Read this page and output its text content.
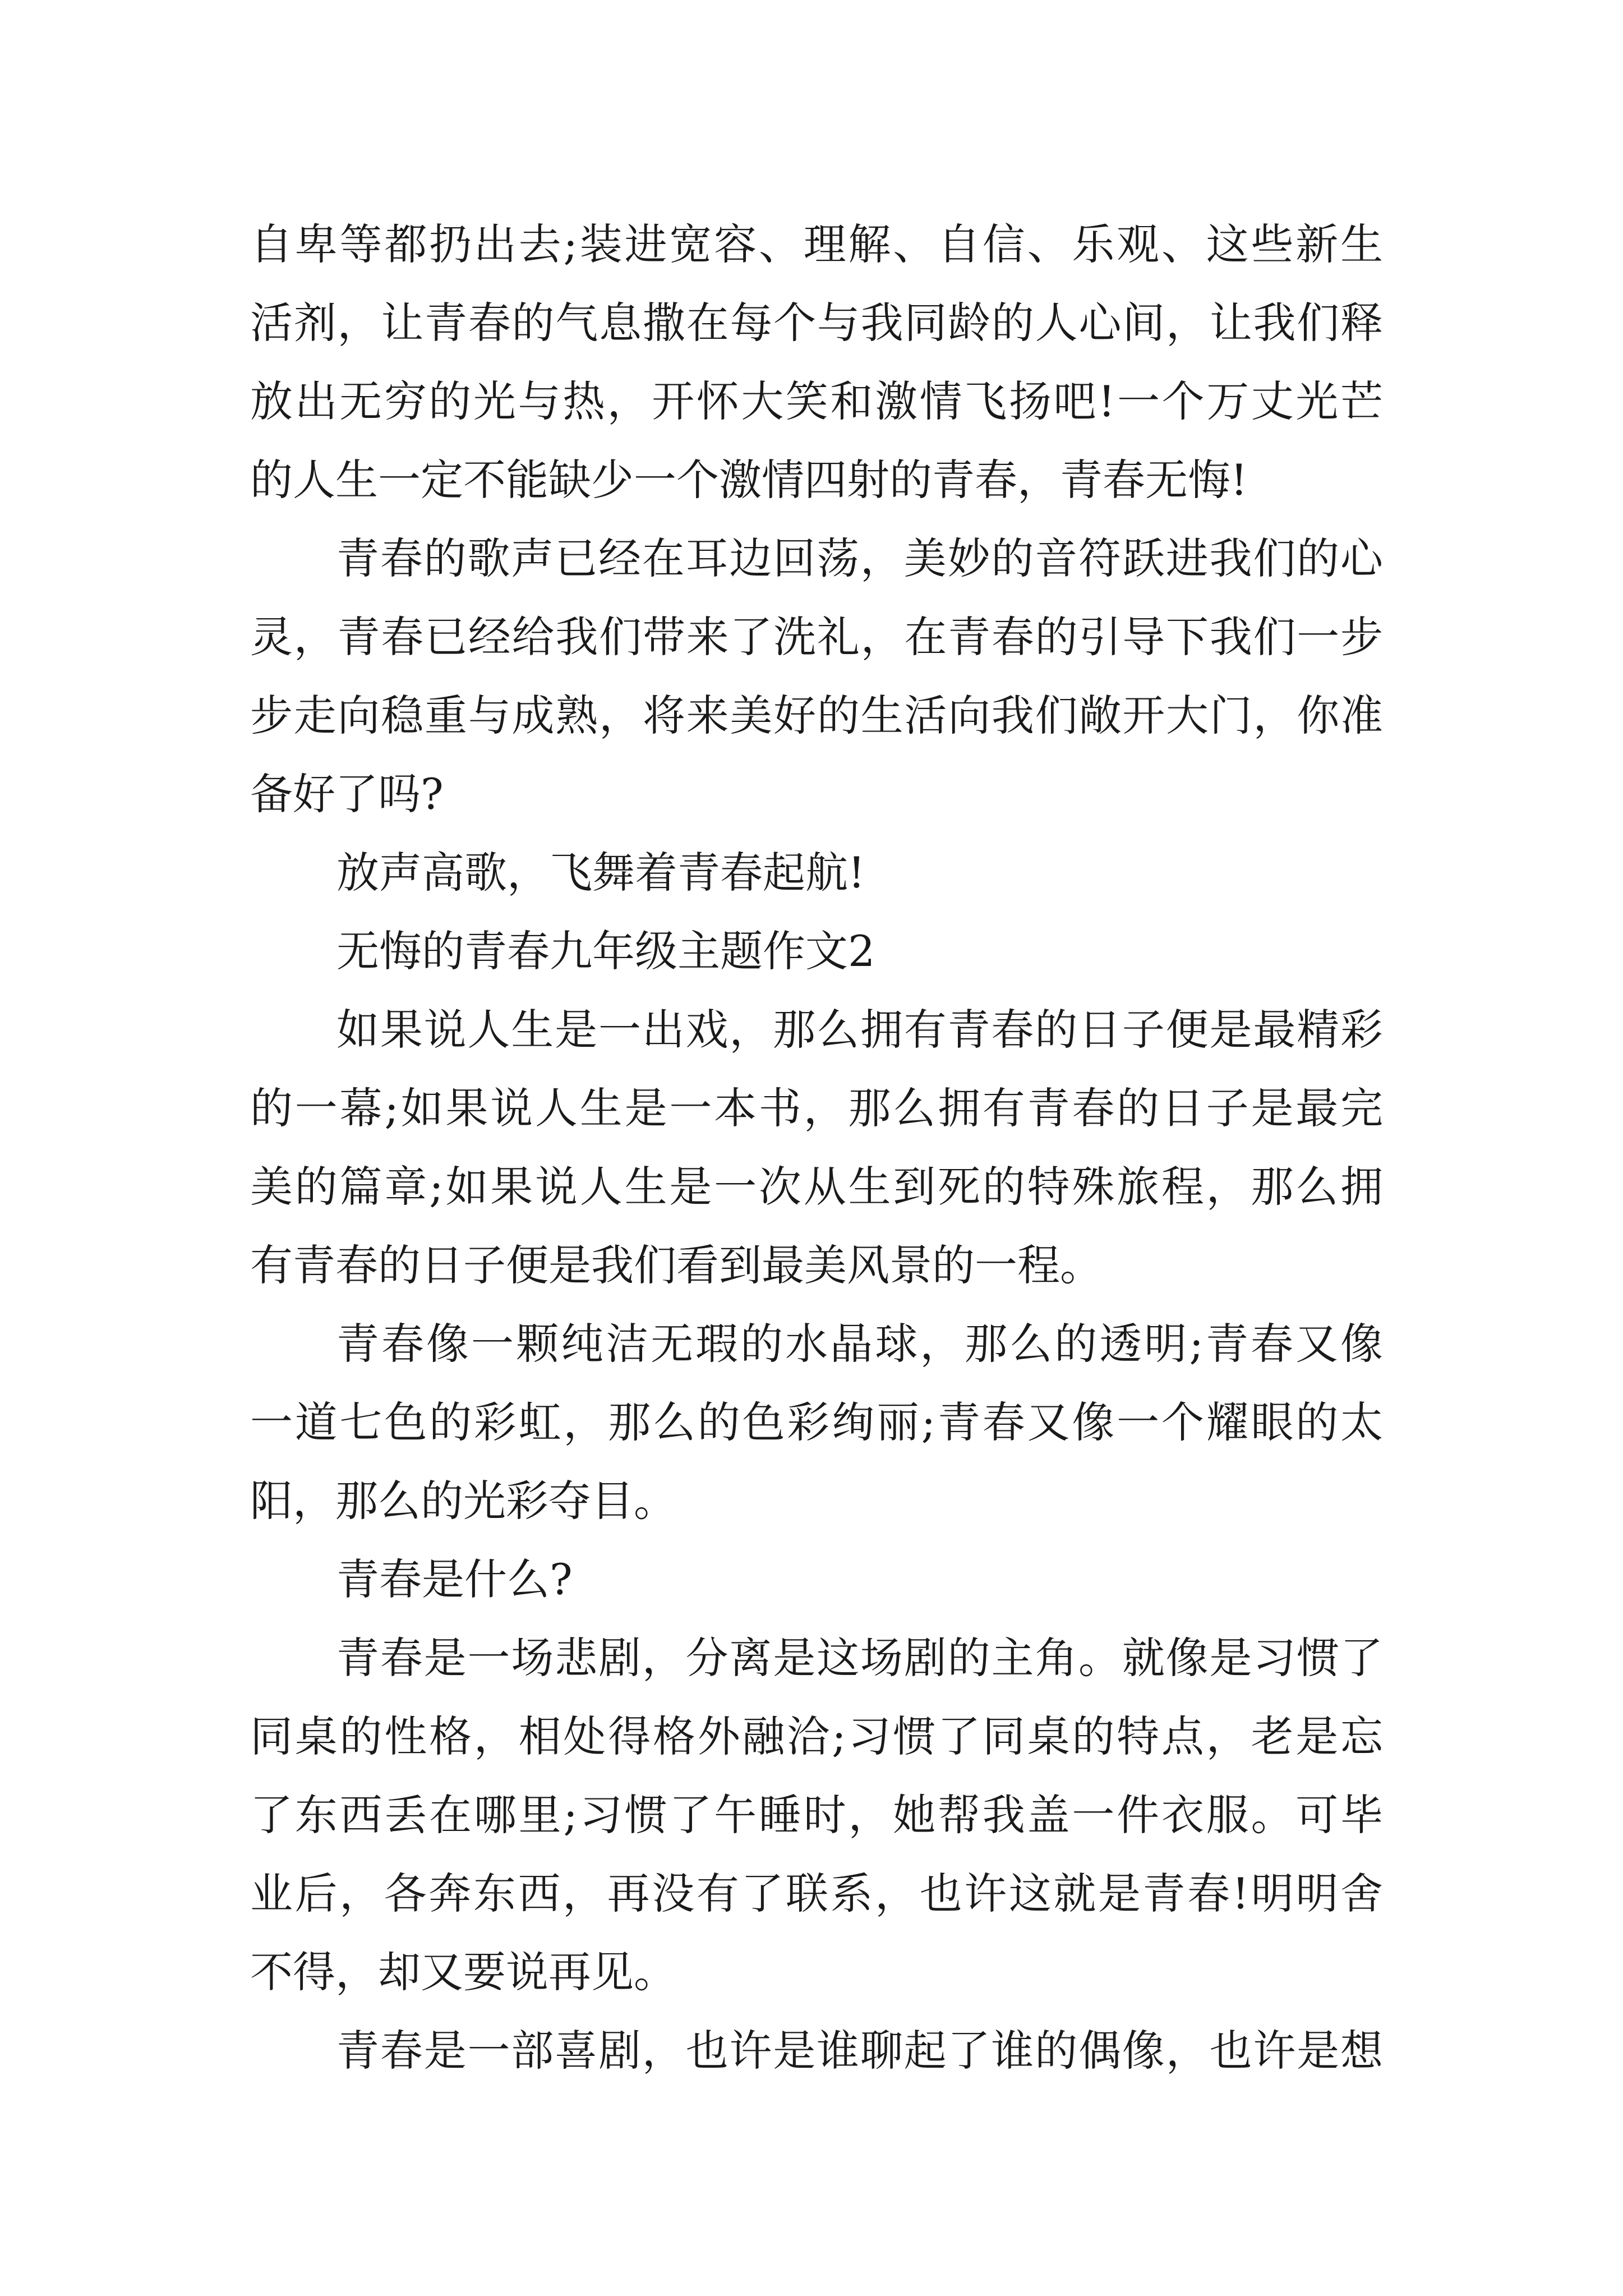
自卑等都扔出去;装进宽容、理解、自信、乐观、这些新生
活剂，让青春的气息撒在每个与我同龄的人心间，让我们释
放出无穷的光与热，开怀大笑和激情飞扬吧!一个万丈光芒
的人生一定不能缺少一个激情四射的青春，青春无悔!
青春的歌声已经在耳边回荡，美妙的音符跃进我们的心
灵，青春已经给我们带来了洗礼，在青春的引导下我们一步
步走向稳重与成熟，将来美好的生活向我们敞开大门，你准
备好了吗?
放声高歌，飞舞着青春起航!
无悔的青春九年级主题作文2
如果说人生是一出戏，那么拥有青春的日子便是最精彩
的一幕;如果说人生是一本书，那么拥有青春的日子是最完
美的篇章;如果说人生是一次从生到死的特殊旅程，那么拥
有青春的日子便是我们看到最美风景的一程。
青春像一颗纯洁无瑕的水晶球，那么的透明;青春又像
一道七色的彩虹，那么的色彩绚丽;青春又像一个耀眼的太
阳，那么的光彩夺目。
青春是什么?
青春是一场悲剧，分离是这场剧的主角。就像是习惯了
同桌的性格，相处得格外融洽;习惯了同桌的特点，老是忘
了东西丢在哪里;习惯了午睡时，她帮我盖一件衣服。可毕
业后，各奔东西，再没有了联系，也许这就是青春!明明舍
不得，却又要说再见。
青春是一部喜剧，也许是谁聊起了谁的偶像，也许是想
